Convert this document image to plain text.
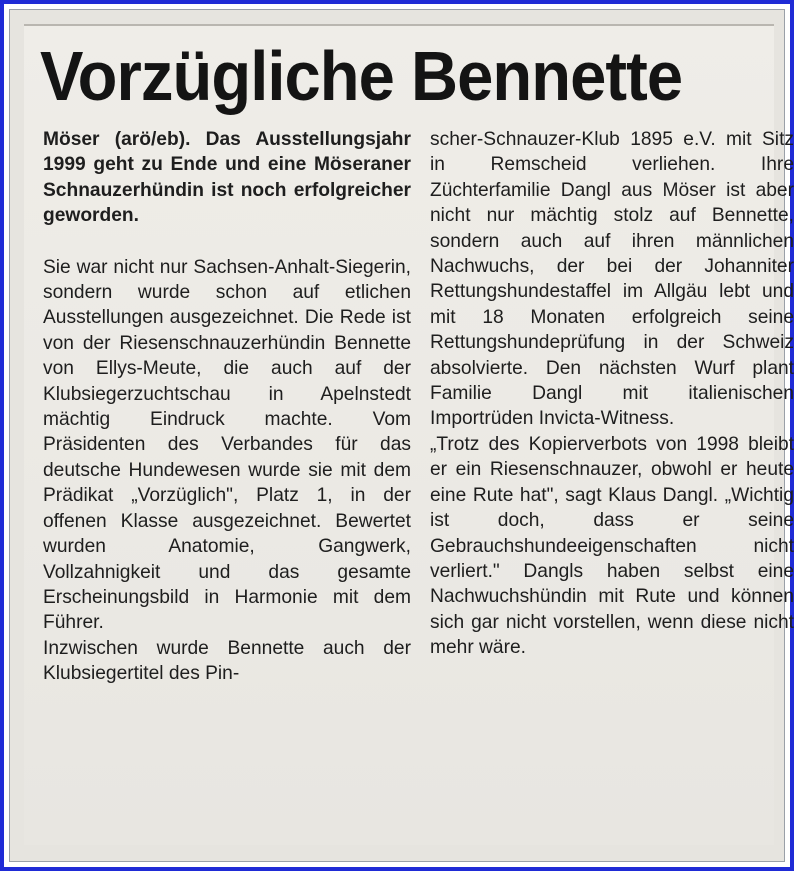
Vorzügliche Bennette

Möser (arö/eb). Das Ausstellungsjahr 1999 geht zu Ende und eine Möseraner Schnauzerhündin ist noch erfolgreicher geworden.

Sie war nicht nur Sachsen-Anhalt-Siegerin, sondern wurde schon auf etlichen Ausstellungen ausgezeichnet. Die Rede ist von der Riesenschnauzerhündin Bennette von Ellys-Meute, die auch auf der Klubsiegerzuchtschau in Apelnstedt mächtig Eindruck machte. Vom Präsidenten des Verbandes für das deutsche Hundewesen wurde sie mit dem Prädikat „Vorzüglich", Platz 1, in der offenen Klasse ausgezeichnet. Bewertet wurden Anatomie, Gangwerk, Vollzahnigkeit und das gesamte Erscheinungsbild in Harmonie mit dem Führer.

Inzwischen wurde Bennette auch der Klubsiegertitel des Pin-

scher-Schnauzer-Klub 1895 e.V. mit Sitz in Remscheid verliehen. Ihre Züchterfamilie Dangl aus Möser ist aber nicht nur mächtig stolz auf Bennette, sondern auch auf ihren männlichen Nachwuchs, der bei der Johanniter Rettungshundestaffel im Allgäu lebt und mit 18 Monaten erfolgreich seine Rettungshundeprüfung in der Schweiz absolvierte. Den nächsten Wurf plant Familie Dangl mit italienischen Importrüden Invicta-Witness.

„Trotz des Kopierverbots von 1998 bleibt er ein Riesenschnauzer, obwohl er heute eine Rute hat", sagt Klaus Dangl. „Wichtig ist doch, dass er seine Gebrauchshundeeigenschaften nicht verliert." Dangls haben selbst eine Nachwuchshündin mit Rute und können sich gar nicht vorstellen, wenn diese nicht mehr wäre.
